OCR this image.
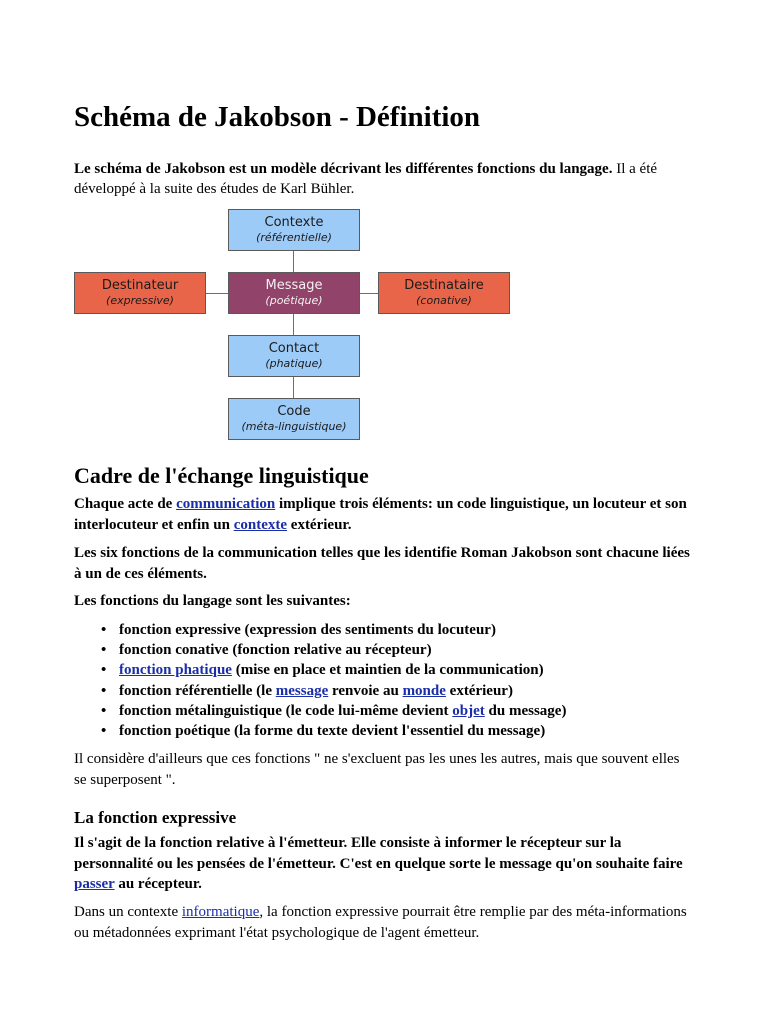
Schéma de Jakobson - Définition

Le schéma de Jakobson est un modèle décrivant les différentes fonctions du langage. Il a été développé à la suite des études de Karl Bühler.

Contexte
(référentielle)
Destinateur
(expressive)
Message
(poétique)
Destinataire
(conative)
Contact
(phatique)
Code
(méta-linguistique)
Cadre de l'échange linguistique

Chaque acte de communication implique trois éléments: un code linguistique, un locuteur et son interlocuteur et enfin un contexte extérieur.

Les six fonctions de la communication telles que les identifie Roman Jakobson sont chacune liées à un de ces éléments.

Les fonctions du langage sont les suivantes:

• fonction expressive (expression des sentiments du locuteur)
• fonction conative (fonction relative au récepteur)
• fonction phatique (mise en place et maintien de la communication)
• fonction référentielle (le message renvoie au monde extérieur)
• fonction métalinguistique (le code lui-même devient objet du message)
• fonction poétique (la forme du texte devient l'essentiel du message)

Il considère d'ailleurs que ces fonctions " ne s'excluent pas les unes les autres, mais que souvent elles se superposent ".

La fonction expressive

Il s'agit de la fonction relative à l'émetteur. Elle consiste à informer le récepteur sur la personnalité ou les pensées de l'émetteur. C'est en quelque sorte le message qu'on souhaite faire passer au récepteur.

Dans un contexte informatique, la fonction expressive pourrait être remplie par des méta-informations ou métadonnées exprimant l'état psychologique de l'agent émetteur.
